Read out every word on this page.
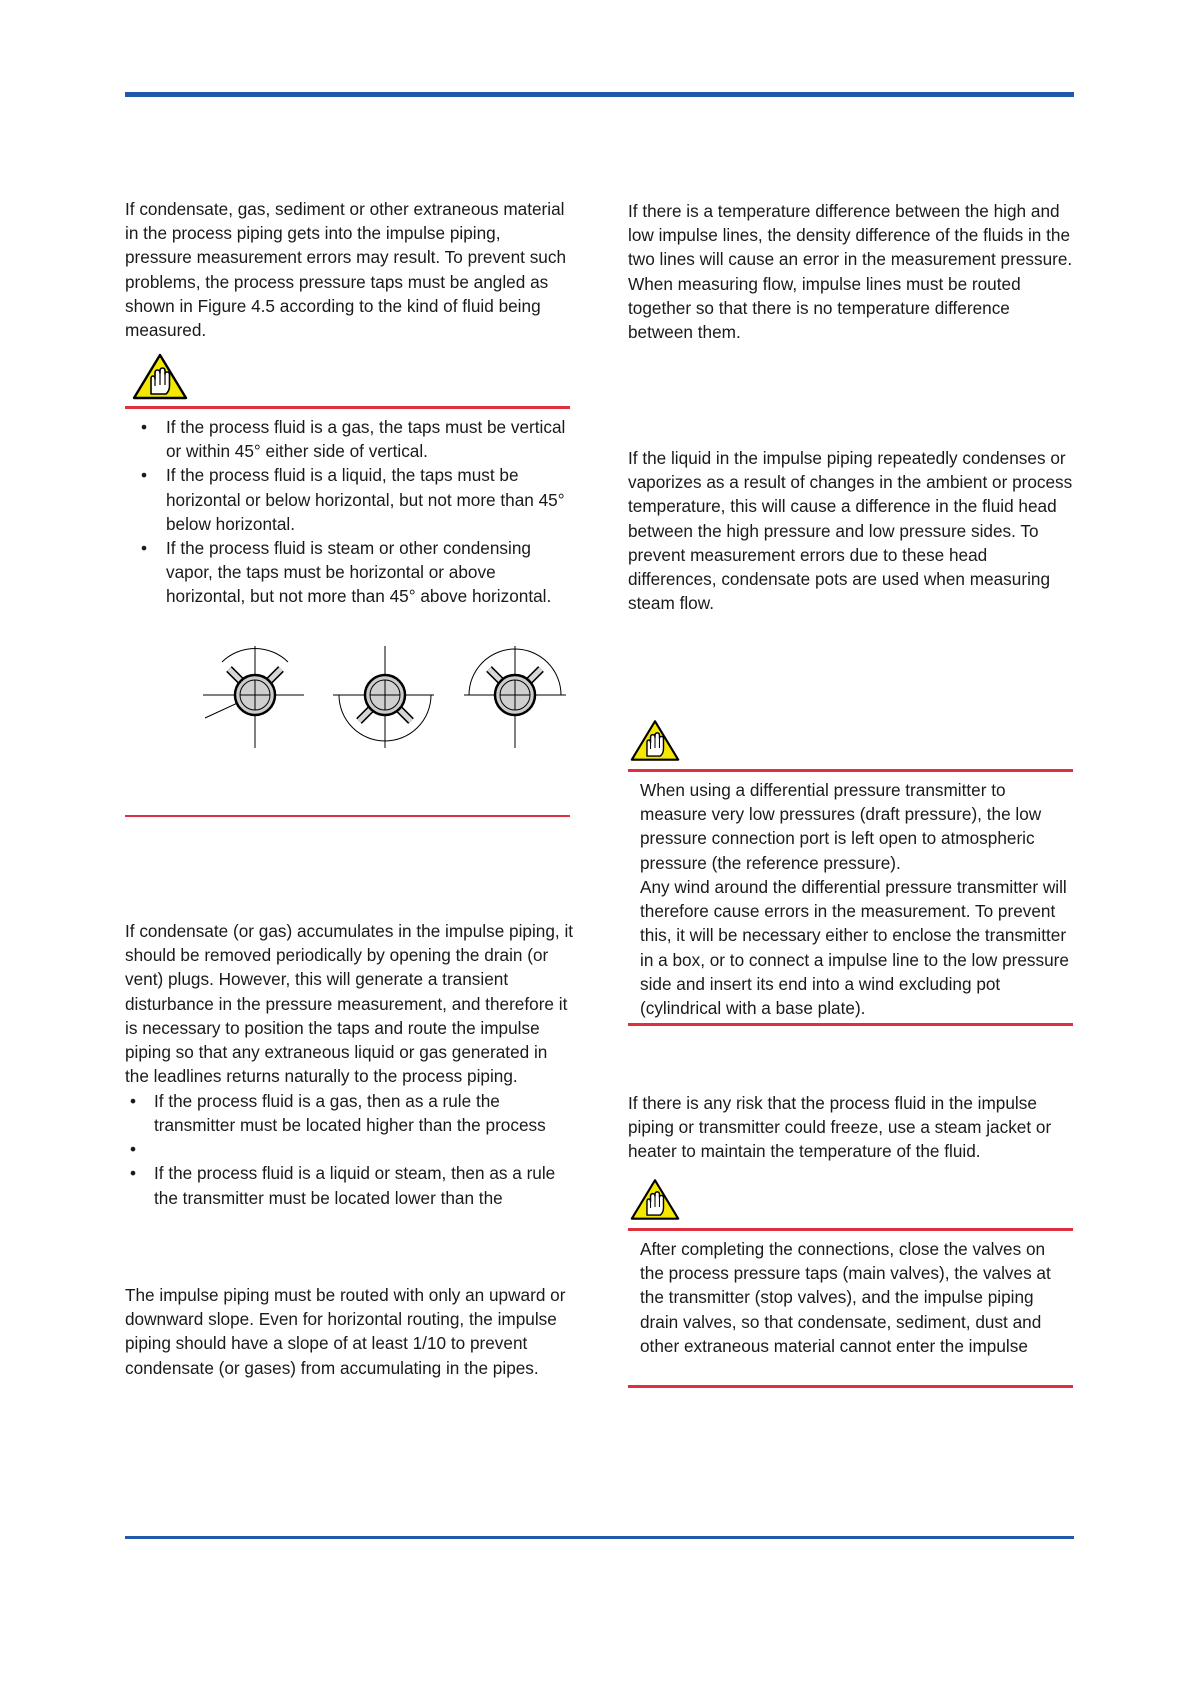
If condensate, gas, sediment or other extraneous material in the process piping gets into the impulse piping, pressure measurement errors may result. To prevent such problems, the process pressure taps must be angled as shown in Figure 4.5 according to the kind of fluid being measured.

• If the process fluid is a gas, the taps must be vertical or within 45° either side of vertical.
• If the process fluid is a liquid, the taps must be horizontal or below horizontal, but not more than 45° below horizontal.
• If the process fluid is steam or other condensing vapor, the taps must be horizontal or above horizontal, but not more than 45° above horizontal.

If condensate (or gas) accumulates in the impulse piping, it should be removed periodically by opening the drain (or vent) plugs. However, this will generate a transient disturbance in the pressure measurement, and therefore it is necessary to position the taps and route the impulse piping so that any extraneous liquid or gas generated in the leadlines returns naturally to the process piping.

• If the process fluid is a gas, then as a rule the transmitter must be located higher than the process
•
• If the process fluid is a liquid or steam, then as a rule the transmitter must be located lower than the

The impulse piping must be routed with only an upward or downward slope. Even for horizontal routing, the impulse piping should have a slope of at least 1/10 to prevent condensate (or gases) from accumulating in the pipes.

If there is a temperature difference between the high and low impulse lines, the density difference of the fluids in the two lines will cause an error in the measurement pressure. When measuring flow, impulse lines must be routed together so that there is no temperature difference between them.

If the liquid in the impulse piping repeatedly condenses or vaporizes as a result of changes in the ambient or process temperature, this will cause a difference in the fluid head between the high pressure and low pressure sides. To prevent measurement errors due to these head differences, condensate pots are used when measuring steam flow.

When using a differential pressure transmitter to measure very low pressures (draft pressure), the low pressure connection port is left open to atmospheric pressure (the reference pressure).

Any wind around the differential pressure transmitter will therefore cause errors in the measurement. To prevent this, it will be necessary either to enclose the transmitter in a box, or to connect a impulse line to the low pressure side and insert its end into a wind excluding pot (cylindrical with a base plate).

If there is any risk that the process fluid in the impulse piping or transmitter could freeze, use a steam jacket or heater to maintain the temperature of the fluid.

After completing the connections, close the valves on the process pressure taps (main valves), the valves at the transmitter (stop valves), and the impulse piping drain valves, so that condensate, sediment, dust and other extraneous material cannot enter the impulse
